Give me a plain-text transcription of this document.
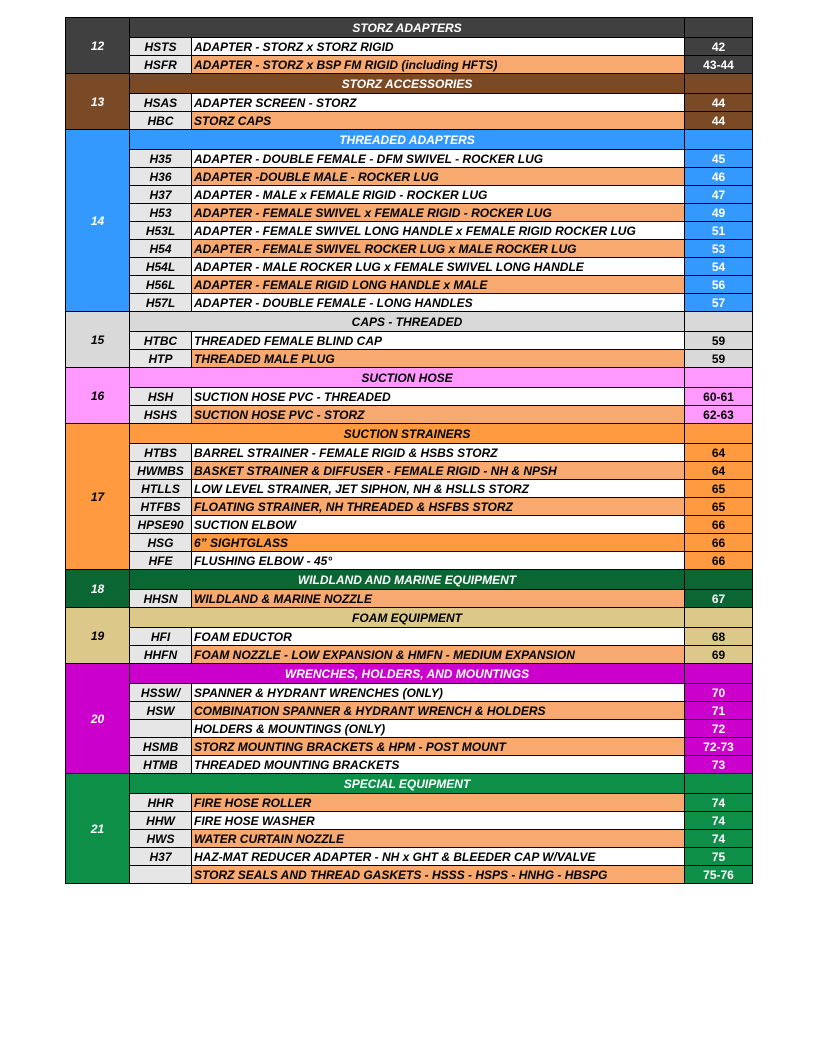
12	STORZ ADAPTERS		
	HSTS	ADAPTER - STORZ x STORZ RIGID	42
	HSFR	ADAPTER - STORZ x BSP FM RIGID (including HFTS)	43-44
13	STORZ ACCESSORIES		
	HSAS	ADAPTER SCREEN - STORZ	44
	HBC	STORZ CAPS	44
14	THREADED ADAPTERS		
	H35	ADAPTER - DOUBLE FEMALE - DFM SWIVEL - ROCKER LUG	45
	H36	ADAPTER -DOUBLE MALE - ROCKER LUG	46
	H37	ADAPTER - MALE x FEMALE RIGID - ROCKER LUG	47
	H53	ADAPTER - FEMALE SWIVEL x FEMALE RIGID - ROCKER LUG	49
	H53L	ADAPTER - FEMALE SWIVEL LONG HANDLE x FEMALE RIGID ROCKER LUG	51
	H54	ADAPTER - FEMALE SWIVEL ROCKER LUG x MALE ROCKER LUG	53
	H54L	ADAPTER - MALE ROCKER LUG x FEMALE SWIVEL LONG HANDLE	54
	H56L	ADAPTER - FEMALE RIGID LONG HANDLE x MALE	56
	H57L	ADAPTER - DOUBLE FEMALE - LONG HANDLES	57
15	CAPS - THREADED		
	HTBC	THREADED FEMALE BLIND CAP	59
	HTP	THREADED MALE PLUG	59
16	SUCTION HOSE		
	HSH	SUCTION HOSE PVC - THREADED	60-61
	HSHS	SUCTION HOSE PVC - STORZ	62-63
17	SUCTION STRAINERS		
	HTBS	BARREL STRAINER - FEMALE RIGID & HSBS STORZ	64
	HWMBS	BASKET STRAINER & DIFFUSER - FEMALE RIGID - NH & NPSH	64
	HTLLS	LOW LEVEL STRAINER, JET SIPHON, NH & HSLLS STORZ	65
	HTFBS	FLOATING STRAINER, NH THREADED & HSFBS STORZ	65
	HPSE90	SUCTION ELBOW	66
	HSG	6” SIGHTGLASS	66
	HFE	FLUSHING ELBOW - 45°	66
18	WILDLAND AND MARINE EQUIPMENT		
	HHSN	WILDLAND & MARINE NOZZLE	67
19	FOAM EQUIPMENT		
	HFI	FOAM EDUCTOR	68
	HHFN	FOAM NOZZLE - LOW EXPANSION & HMFN - MEDIUM EXPANSION	69
20	WRENCHES, HOLDERS, AND MOUNTINGS		
	HSSW/	SPANNER & HYDRANT WRENCHES (ONLY)	70
	HSW	COMBINATION SPANNER & HYDRANT WRENCH & HOLDERS	71
		HOLDERS & MOUNTINGS (ONLY)	72
	HSMB	STORZ MOUNTING BRACKETS & HPM - POST MOUNT	72-73
	HTMB	THREADED MOUNTING BRACKETS	73
21	SPECIAL EQUIPMENT		
	HHR	FIRE HOSE ROLLER	74
	HHW	FIRE HOSE WASHER	74
	HWS	WATER CURTAIN NOZZLE	74
	H37	HAZ-MAT REDUCER ADAPTER - NH x GHT & BLEEDER CAP W/VALVE	75
		STORZ SEALS AND THREAD GASKETS - HSSS - HSPS - HNHG - HBSPG	75-76
